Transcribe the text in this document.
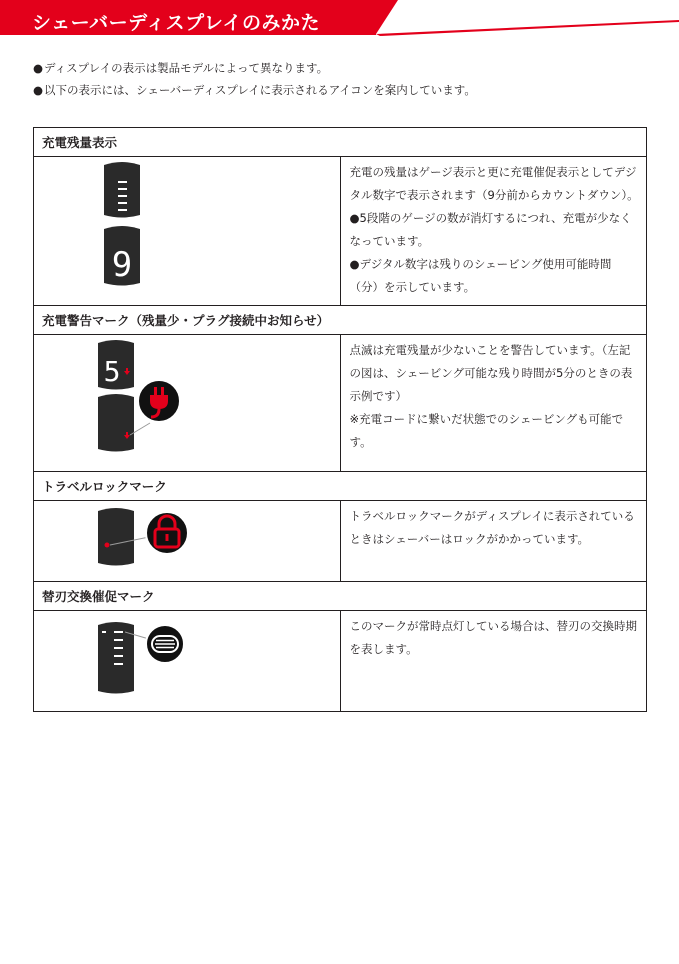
シェーバーディスプレイのみかた
●ディスプレイの表示は製品モデルによって異なります。
●以下の表示には、シェーバーディスプレイに表示されるアイコンを案内しています。
充電残量表示	

9	充電の残量はゲージ表示と更に充電催促表示としてデジタル数字で表示されます（9分前からカウントダウン）。
●5段階のゲージの数が消灯するにつれ、充電が少なくなっています。
●デジタル数字は残りのシェービング使用可能時間（分）を示しています。

充電警告マーク（残量少・プラグ接続中お知らせ）	

5	点滅は充電残量が少ないことを警告しています。（左記の図は、シェービング可能な残り時間が5分のときの表示例です）
※充電コードに繋いだ状態でのシェービングも可能です。

トラベルロックマーク	

トラベルロックマークがディスプレイに表示されているときはシェーバーはロックがかかっています。

替刃交換催促マーク	

このマークが常時点灯している場合は、替刃の交換時期を表します。
